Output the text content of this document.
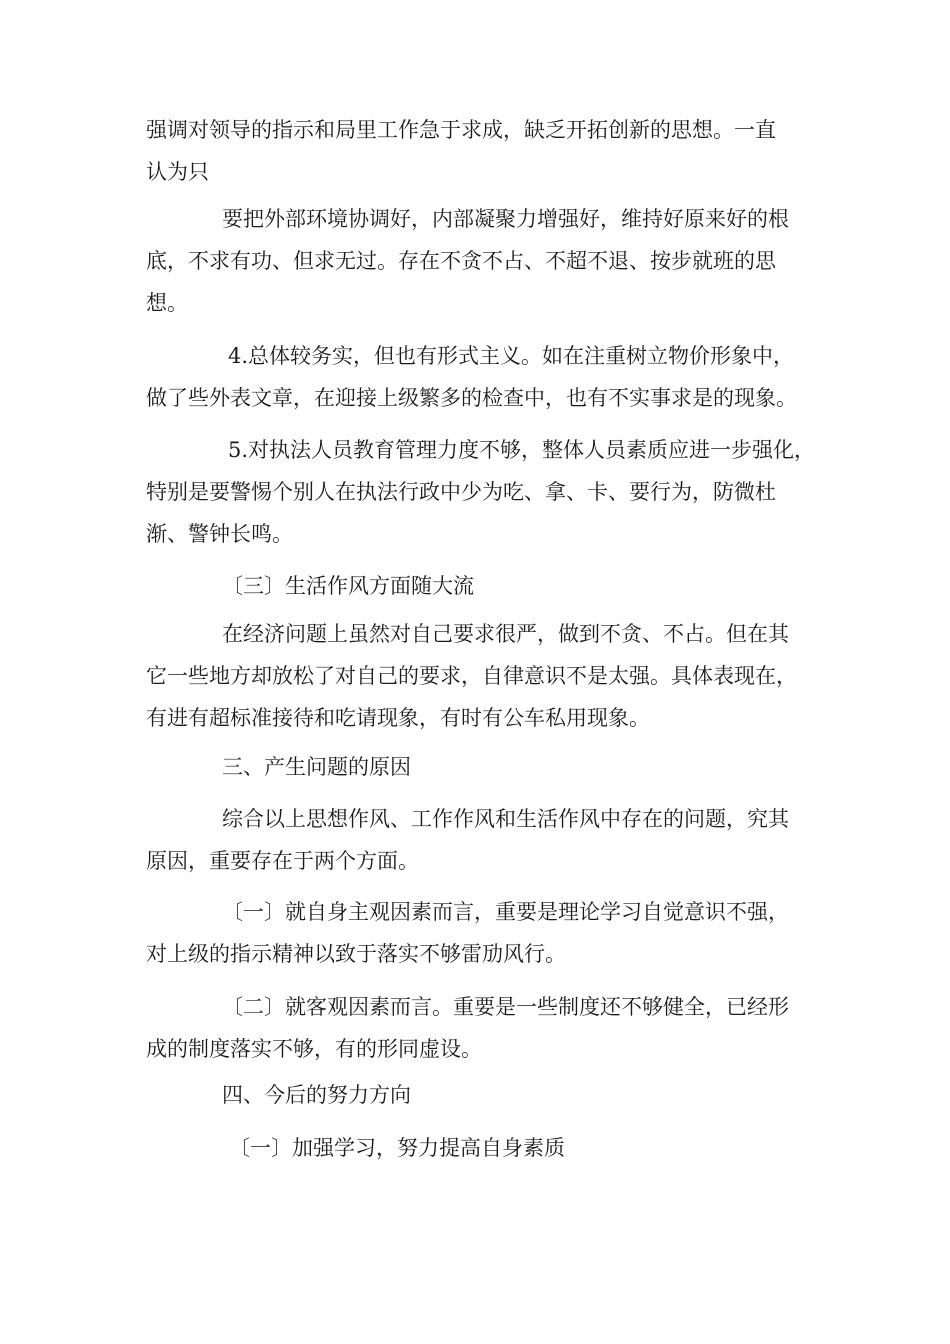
强调对领导的指示和局里工作急于求成，缺乏开拓创新的思想。一直
认为只
要把外部环境协调好，内部凝聚力增强好，维持好原来好的根
底，不求有功、但求无过。存在不贪不占、不超不退、按步就班的思
想。
4.总体较务实，但也有形式主义。如在注重树立物价形象中，
做了些外表文章，在迎接上级繁多的检查中，也有不实事求是的现象。
5.对执法人员教育管理力度不够，整体人员素质应进一步强化，
特别是要警惕个别人在执法行政中少为吃、拿、卡、要行为，防微杜
渐、警钟长鸣。
〔三〕生活作风方面随大流
在经济问题上虽然对自己要求很严，做到不贪、不占。但在其
它一些地方却放松了对自己的要求，自律意识不是太强。具体表现在，
有进有超标准接待和吃请现象，有时有公车私用现象。
三、产生问题的原因
综合以上思想作风、工作作风和生活作风中存在的问题，究其
原因，重要存在于两个方面。
〔一〕就自身主观因素而言，重要是理论学习自觉意识不强，
对上级的指示精神以致于落实不够雷劢风行。
〔二〕就客观因素而言。重要是一些制度还不够健全，已经形
成的制度落实不够，有的形同虚设。
四、今后的努力方向
〔一〕加强学习，努力提高自身素质
